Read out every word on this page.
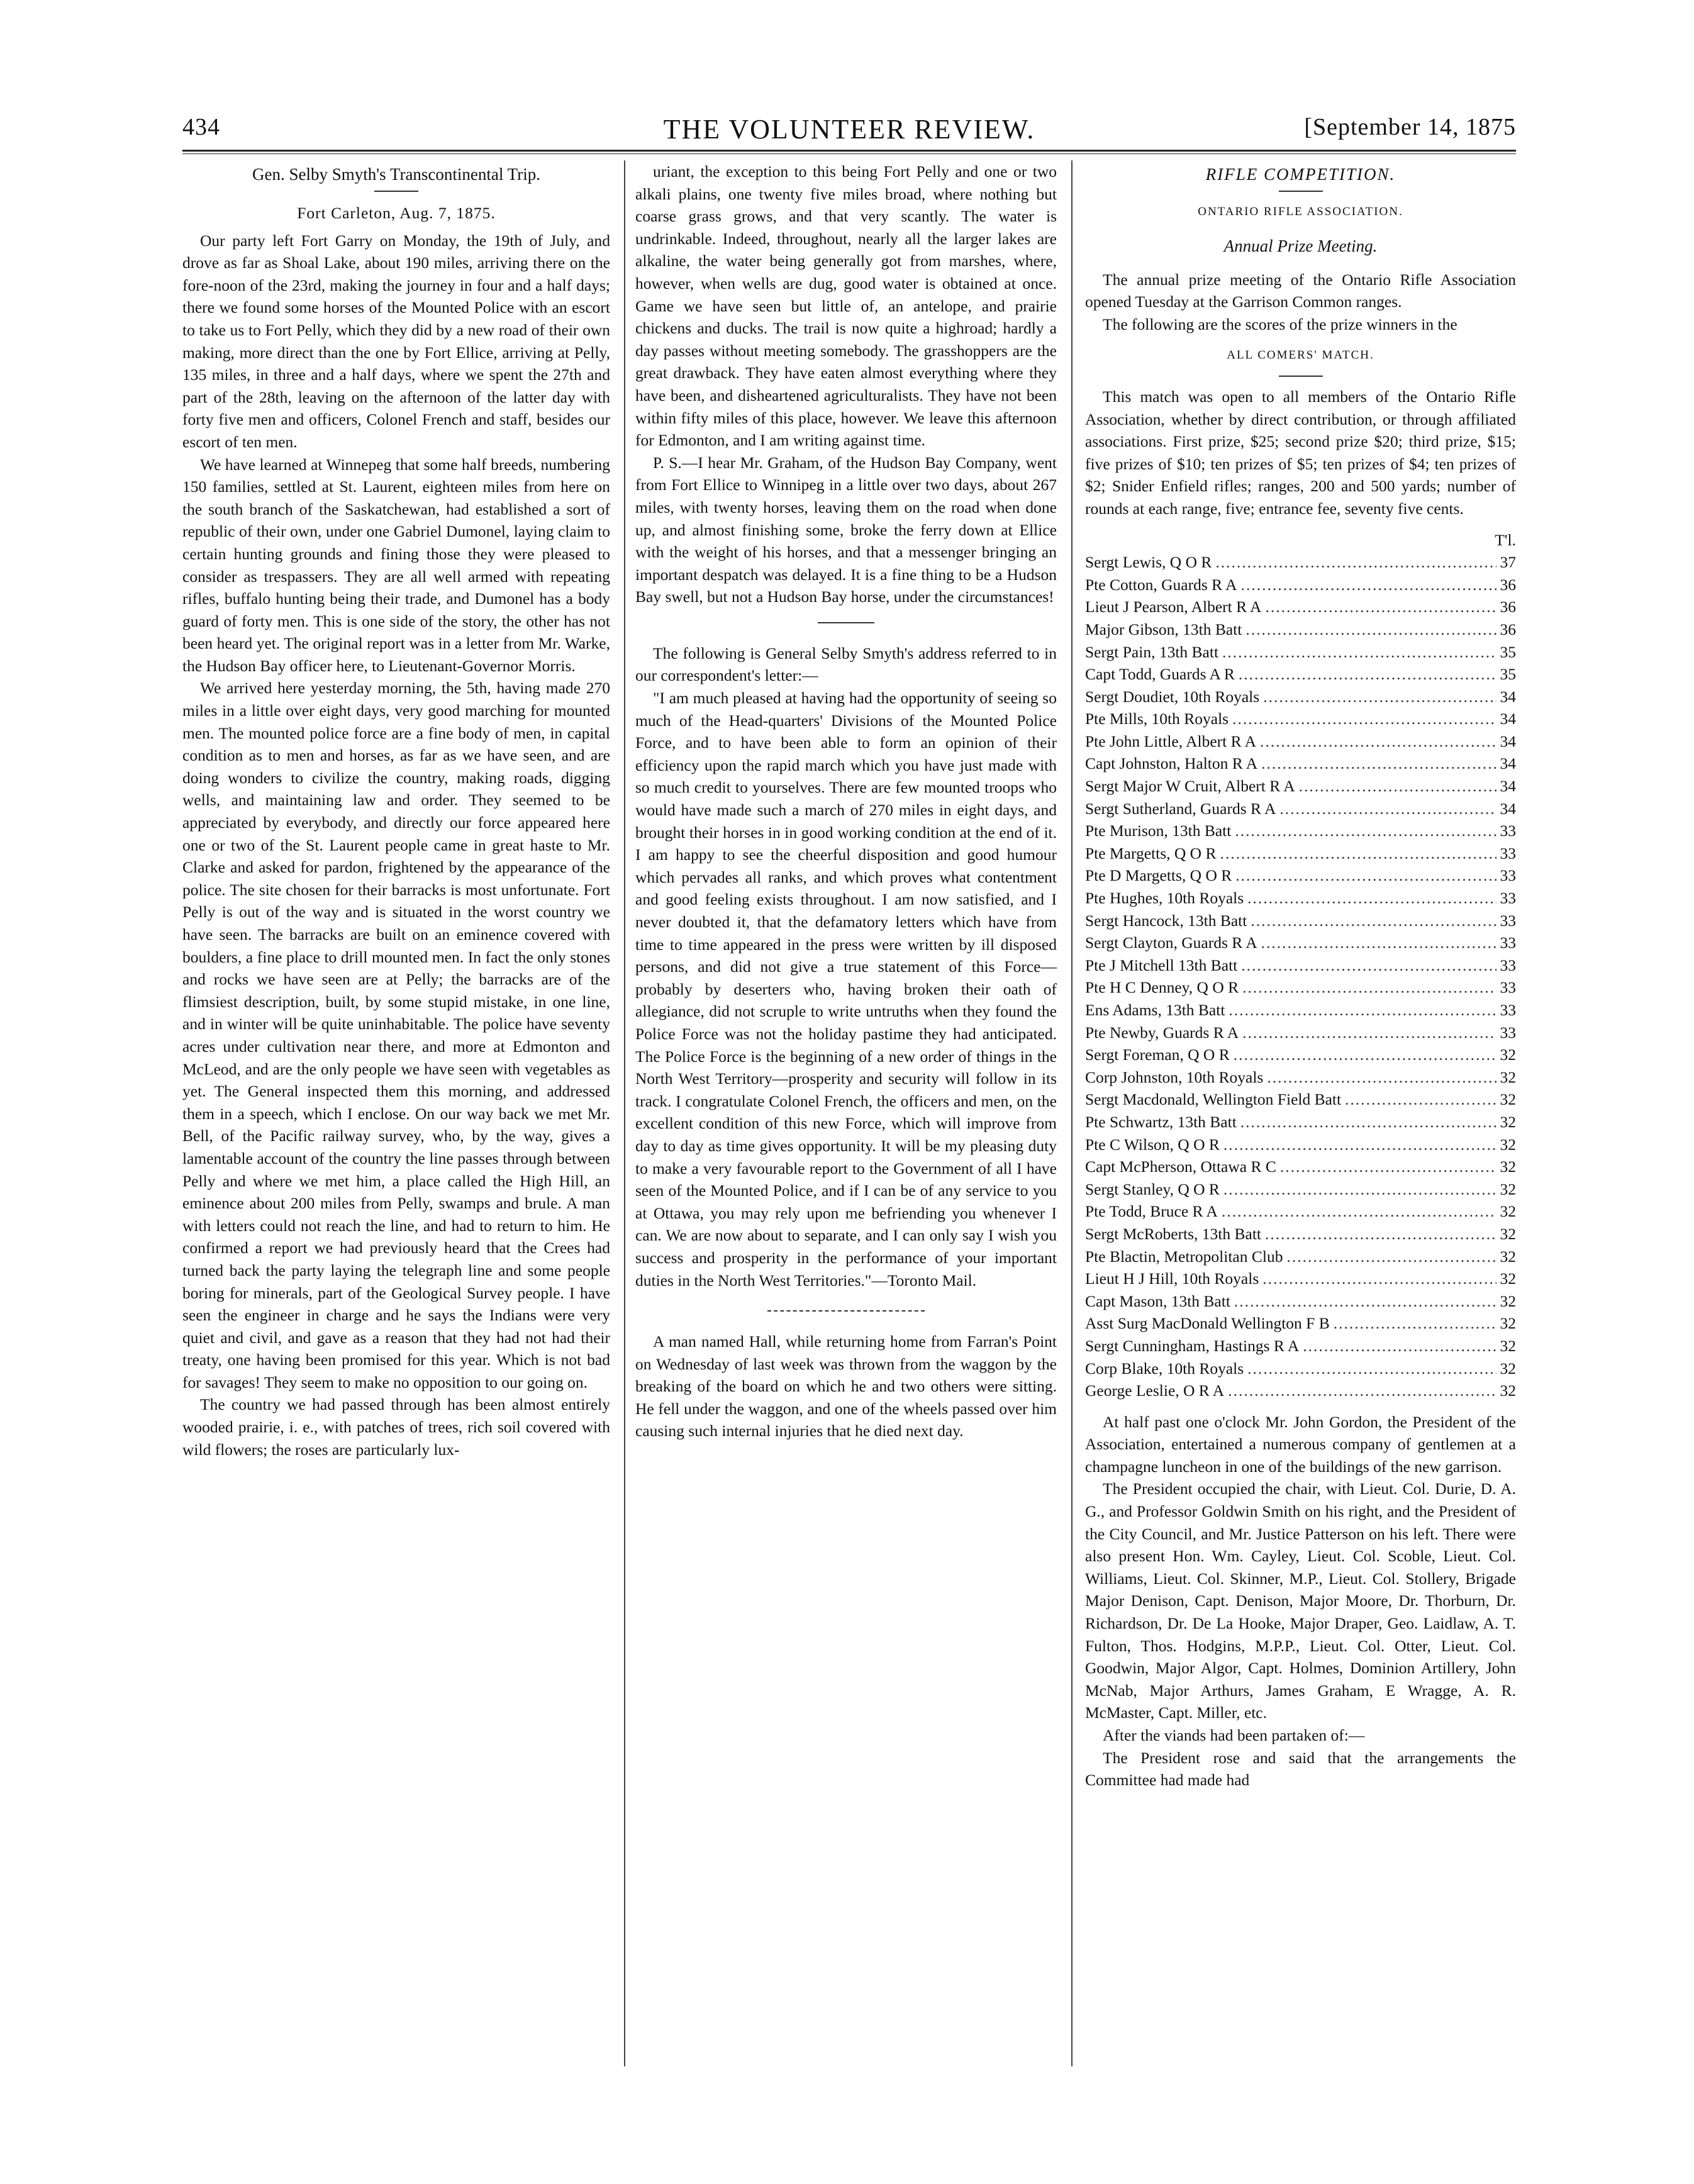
434	THE VOLUNTEER REVIEW.	[September 14, 1875
Gen. Selby Smyth's Transcontinental Trip.
Fort Carleton, Aug. 7, 1875.

Our party left Fort Garry on Monday, the 19th of July, and drove as far as Shoal Lake, about 190 miles, arriving there on the fore-noon of the 23rd, making the journey in four and a half days; there we found some horses of the Mounted Police with an escort to take us to Fort Pelly, which they did by a new road of their own making, more direct than the one by Fort Ellice, arriving at Pelly, 135 miles, in three and a half days, where we spent the 27th and part of the 28th, leaving on the afternoon of the latter day with forty five men and officers, Colonel French and staff, besides our escort of ten men.

We have learned at Winnepeg that some half breeds, numbering 150 families, settled at St. Laurent, eighteen miles from here on the south branch of the Saskatchewan, had established a sort of republic of their own, under one Gabriel Dumonel, laying claim to certain hunting grounds and fining those they were pleased to consider as trespassers. They are all well armed with repeating rifles, buffalo hunting being their trade, and Dumonel has a body guard of forty men. This is one side of the story, the other has not been heard yet. The original report was in a letter from Mr. Warke, the Hudson Bay officer here, to Lieutenant-Governor Morris.

We arrived here yesterday morning, the 5th, having made 270 miles in a little over eight days, very good marching for mounted men. The mounted police force are a fine body of men, in capital condition as to men and horses, as far as we have seen, and are doing wonders to civilize the country, making roads, digging wells, and maintaining law and order. They seemed to be appreciated by everybody, and directly our force appeared here one or two of the St. Laurent people came in great haste to Mr. Clarke and asked for pardon, frightened by the appearance of the police. The site chosen for their barracks is most unfortunate. Fort Pelly is out of the way and is situated in the worst country we have seen. The barracks are built on an eminence covered with boulders, a fine place to drill mounted men. In fact the only stones and rocks we have seen are at Pelly; the barracks are of the flimsiest description, built, by some stupid mistake, in one line, and in winter will be quite uninhabitable. The police have seventy acres under cultivation near there, and more at Edmonton and McLeod, and are the only people we have seen with vegetables as yet. The General inspected them this morning, and addressed them in a speech, which I enclose. On our way back we met Mr. Bell, of the Pacific railway survey, who, by the way, gives a lamentable account of the country the line passes through between Pelly and where we met him, a place called the High Hill, an eminence about 200 miles from Pelly, swamps and brule. A man with letters could not reach the line, and had to return to him. He confirmed a report we had previously heard that the Crees had turned back the party laying the telegraph line and some people boring for minerals, part of the Geological Survey people. I have seen the engineer in charge and he says the Indians were very quiet and civil, and gave as a reason that they had not had their treaty, one having been promised for this year. Which is not bad for savages! They seem to make no opposition to our going on.

The country we had passed through has been almost entirely wooded prairie, i. e., with patches of trees, rich soil covered with wild flowers; the roses are particularly lux-

uriant, the exception to this being Fort Pelly and one or two alkali plains, one twenty five miles broad, where nothing but coarse grass grows, and that very scantly. The water is undrinkable. Indeed, throughout, nearly all the larger lakes are alkaline, the water being generally got from marshes, where, however, when wells are dug, good water is obtained at once. Game we have seen but little of, an antelope, and prairie chickens and ducks. The trail is now quite a highroad; hardly a day passes without meeting somebody. The grasshoppers are the great drawback. They have eaten almost everything where they have been, and disheartened agriculturalists. They have not been within fifty miles of this place, however. We leave this afternoon for Edmonton, and I am writing against time.

P. S.—I hear Mr. Graham, of the Hudson Bay Company, went from Fort Ellice to Winnipeg in a little over two days, about 267 miles, with twenty horses, leaving them on the road when done up, and almost finishing some, broke the ferry down at Ellice with the weight of his horses, and that a messenger bringing an important despatch was delayed. It is a fine thing to be a Hudson Bay swell, but not a Hudson Bay horse, under the circumstances!

The following is General Selby Smyth's address referred to in our correspondent's letter:—

"I am much pleased at having had the opportunity of seeing so much of the Head-quarters' Divisions of the Mounted Police Force, and to have been able to form an opinion of their efficiency upon the rapid march which you have just made with so much credit to yourselves. There are few mounted troops who would have made such a march of 270 miles in eight days, and brought their horses in in good working condition at the end of it. I am happy to see the cheerful disposition and good humour which pervades all ranks, and which proves what contentment and good feeling exists throughout. I am now satisfied, and I never doubted it, that the defamatory letters which have from time to time appeared in the press were written by ill disposed persons, and did not give a true statement of this Force—probably by deserters who, having broken their oath of allegiance, did not scruple to write untruths when they found the Police Force was not the holiday pastime they had anticipated. The Police Force is the beginning of a new order of things in the North West Territory—prosperity and security will follow in its track. I congratulate Colonel French, the officers and men, on the excellent condition of this new Force, which will improve from day to day as time gives opportunity. It will be my pleasing duty to make a very favourable report to the Government of all I have seen of the Mounted Police, and if I can be of any service to you at Ottawa, you may rely upon me befriending you whenever I can. We are now about to separate, and I can only say I wish you success and prosperity in the performance of your important duties in the North West Territories."—Toronto Mail.

A man named Hall, while returning home from Farran's Point on Wednesday of last week was thrown from the waggon by the breaking of the board on which he and two others were sitting. He fell under the waggon, and one of the wheels passed over him causing such internal injuries that he died next day.

RIFLE COMPETITION.
ONTARIO RIFLE ASSOCIATION.
Annual Prize Meeting.

The annual prize meeting of the Ontario Rifle Association opened Tuesday at the Garrison Common ranges.

The following are the scores of the prize winners in the

ALL COMERS' MATCH.

This match was open to all members of the Ontario Rifle Association, whether by direct contribution, or through affiliated associations. First prize, $25; second prize $20; third prize, $15; five prizes of $10; ten prizes of $5; ten prizes of $4; ten prizes of $2; Snider Enfield rifles; ranges, 200 and 500 yards; number of rounds at each range, five; entrance fee, seventy five cents.

T'l.
Sergt Lewis, Q O R .....	37
Pte Cotton, Guards R A .....	36
Lieut J Pearson, Albert R A .....	36
Major Gibson, 13th Batt .....	36
Sergt Pain, 13th Batt .....	35
Capt Todd, Guards A R .....	35
Sergt Doudiet, 10th Royals .....	34
Pte Mills, 10th Royals .....	34
Pte John Little, Albert R A .....	34
Capt Johnston, Halton R A .....	34
Sergt Major W Cruit, Albert R A .....	34
Sergt Sutherland, Guards R A .....	34
Pte Murison, 13th Batt .....	33
Pte Margetts, Q O R .....	33
Pte D Margetts, Q O R .....	33
Pte Hughes, 10th Royals .....	33
Sergt Hancock, 13th Batt .....	33
Sergt Clayton, Guards R A .....	33
Pte J Mitchell 13th Batt .....	33
Pte H C Denney, Q O R .....	33
Ens Adams, 13th Batt .....	33
Pte Newby, Guards R A .....	33
Sergt Foreman, Q O R .....	32
Corp Johnston, 10th Royals .....	32
Sergt Macdonald, Wellington Field Batt .....	32
Pte Schwartz, 13th Batt .....	32
Pte C Wilson, Q O R .....	32
Capt McPherson, Ottawa R C .....	32
Sergt Stanley, Q O R .....	32
Pte Todd, Bruce R A .....	32
Sergt McRoberts, 13th Batt .....	32
Pte Blactin, Metropolitan Club .....	32
Lieut H J Hill, 10th Royals .....	32
Capt Mason, 13th Batt .....	32
Asst Surg MacDonald Wellington F B .....	32
Sergt Cunningham, Hastings R A .....	32
Corp Blake, 10th Royals .....	32
George Leslie, O R A .....	32

At half past one o'clock Mr. John Gordon, the President of the Association, entertained a numerous company of gentlemen at a champagne luncheon in one of the buildings of the new garrison.

The President occupied the chair, with Lieut. Col. Durie, D. A. G., and Professor Goldwin Smith on his right, and the President of the City Council, and Mr. Justice Patterson on his left. There were also present Hon. Wm. Cayley, Lieut. Col. Scoble, Lieut. Col. Williams, Lieut. Col. Skinner, M.P., Lieut. Col. Stollery, Brigade Major Denison, Capt. Denison, Major Moore, Dr. Thorburn, Dr. Richardson, Dr. De La Hooke, Major Draper, Geo. Laidlaw, A. T. Fulton, Thos. Hodgins, M.P.P., Lieut. Col. Otter, Lieut. Col. Goodwin, Major Algor, Capt. Holmes, Dominion Artillery, John McNab, Major Arthurs, James Graham, E Wragge, A. R. McMaster, Capt. Miller, etc.

After the viands had been partaken of:—

The President rose and said that the arrangements the Committee had made had
